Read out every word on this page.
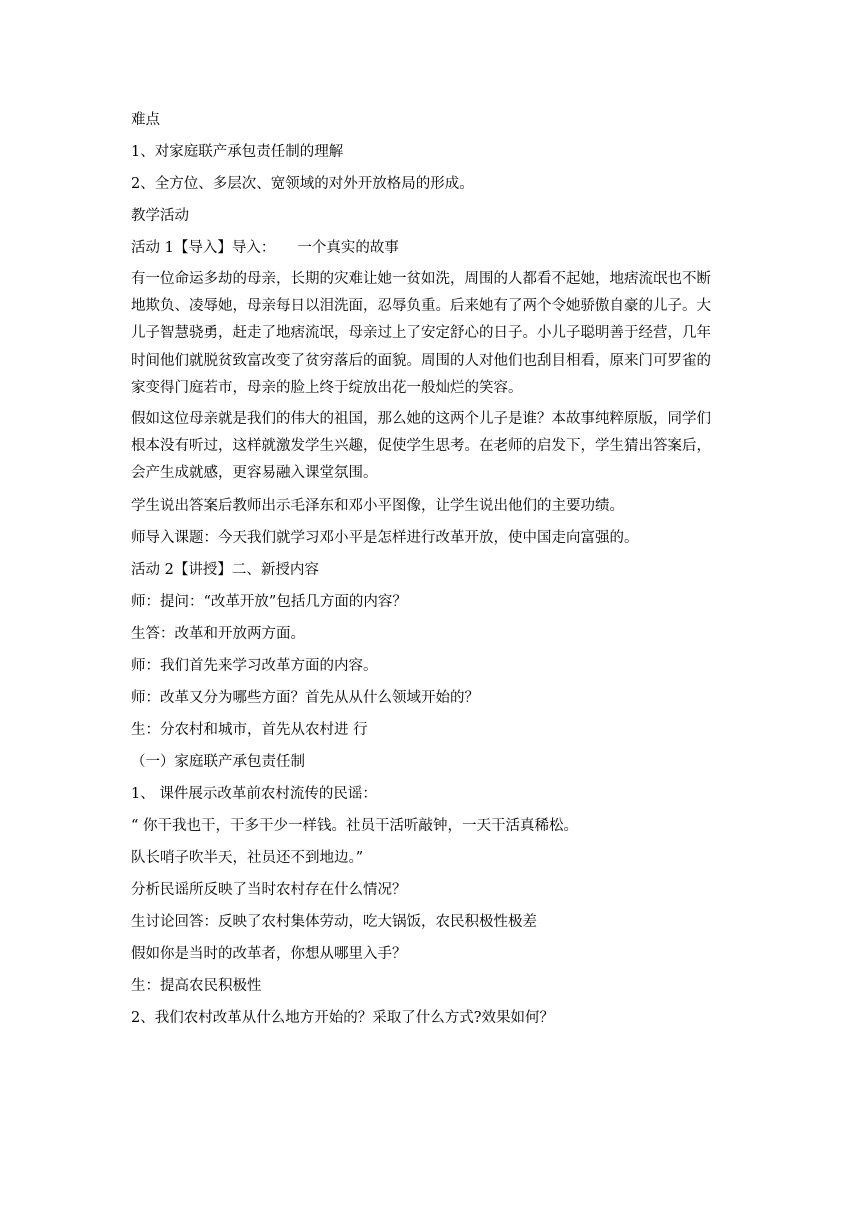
难点
1、对家庭联产承包责任制的理解
2、全方位、多层次、宽领域的对外开放格局的形成。
教学活动
活动 1【导入】导入： 一个真实的故事
有一位命运多劫的母亲，长期的灾难让她一贫如洗，周围的人都看不起她，地痞流氓也不断
地欺负、凌辱她，母亲每日以泪洗面，忍辱负重。后来她有了两个令她骄傲自豪的儿子。大
儿子智慧骁勇，赶走了地痞流氓，母亲过上了安定舒心的日子。小儿子聪明善于经营，几年
时间他们就脱贫致富改变了贫穷落后的面貌。周围的人对他们也刮目相看，原来门可罗雀的
家变得门庭若市，母亲的脸上终于绽放出花一般灿烂的笑容。
假如这位母亲就是我们的伟大的祖国，那么她的这两个儿子是谁？本故事纯粹原版，同学们
根本没有听过，这样就激发学生兴趣，促使学生思考。在老师的启发下，学生猜出答案后，
会产生成就感，更容易融入课堂氛围。
学生说出答案后教师出示毛泽东和邓小平图像，让学生说出他们的主要功绩。
师导入课题：今天我们就学习邓小平是怎样进行改革开放，使中国走向富强的。
活动 2【讲授】二、新授内容
师：提问：“改革开放”包括几方面的内容？
生答：改革和开放两方面。
师：我们首先来学习改革方面的内容。
师：改革又分为哪些方面？首先从从什么领域开始的？
生：分农村和城市，首先从农村进 行
（一）家庭联产承包责任制
1、 课件展示改革前农村流传的民谣：
“ 你干我也干，干多干少一样钱。社员干活听敲钟，一天干活真稀松。
队长哨子吹半天，社员还不到地边。”
分析民谣所反映了当时农村存在什么情况？
生讨论回答：反映了农村集体劳动，吃大锅饭，农民积极性极差
假如你是当时的改革者，你想从哪里入手？
生：提高农民积极性
2、我们农村改革从什么地方开始的？采取了什么方式?效果如何？
